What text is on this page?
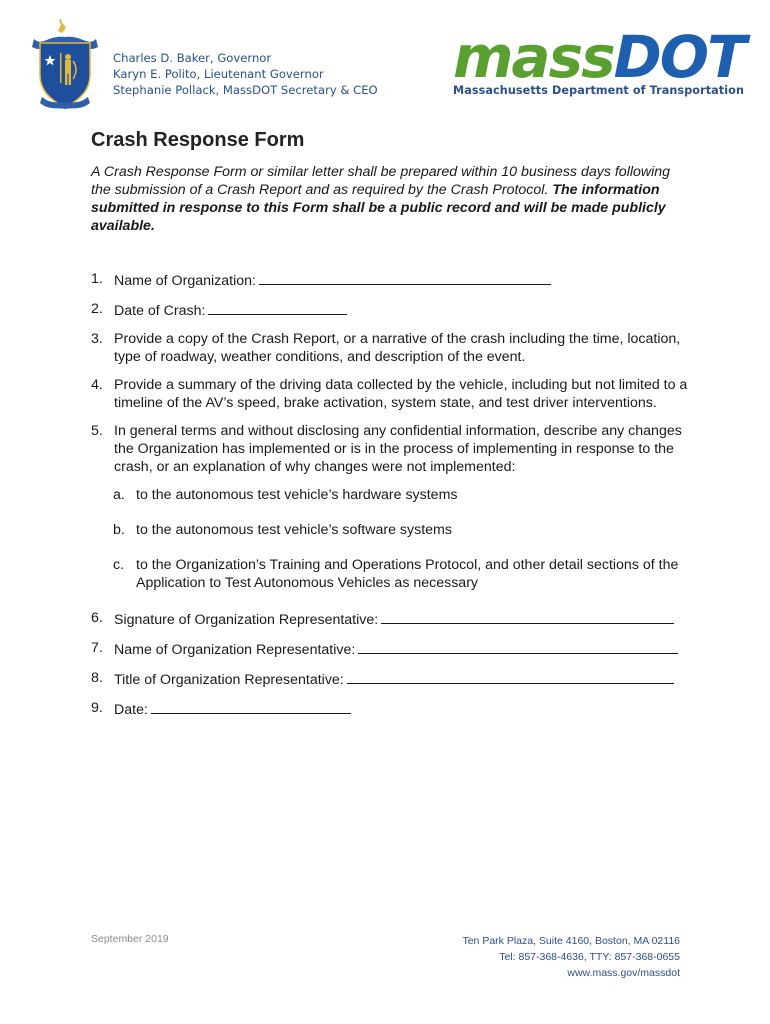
Charles D. Baker, Governor
Karyn E. Polito, Lieutenant Governor
Stephanie Pollack, MassDOT Secretary & CEO massDOT
Massachusetts Department of Transportation
Crash Response Form
A Crash Response Form or similar letter shall be prepared within 10 business days following the submission of a Crash Report and as required by the Crash Protocol. The information submitted in response to this Form shall be a public record and will be made publicly available.
1. Name of Organization:
2. Date of Crash:
3. Provide a copy of the Crash Report, or a narrative of the crash including the time, location, type of roadway, weather conditions, and description of the event.
4. Provide a summary of the driving data collected by the vehicle, including but not limited to a timeline of the AV’s speed, brake activation, system state, and test driver interventions.
5. In general terms and without disclosing any confidential information, describe any changes the Organization has implemented or is in the process of implementing in response to the crash, or an explanation of why changes were not implemented:
a. to the autonomous test vehicle’s hardware systems
b. to the autonomous test vehicle’s software systems
c. to the Organization’s Training and Operations Protocol, and other detail sections of the Application to Test Autonomous Vehicles as necessary
6. Signature of Organization Representative:
7. Name of Organization Representative:
8. Title of Organization Representative:
9. Date:
September 2019	Ten Park Plaza, Suite 4160, Boston, MA 02116
Tel: 857-368-4636, TTY: 857-368-0655
www.mass.gov/massdot
